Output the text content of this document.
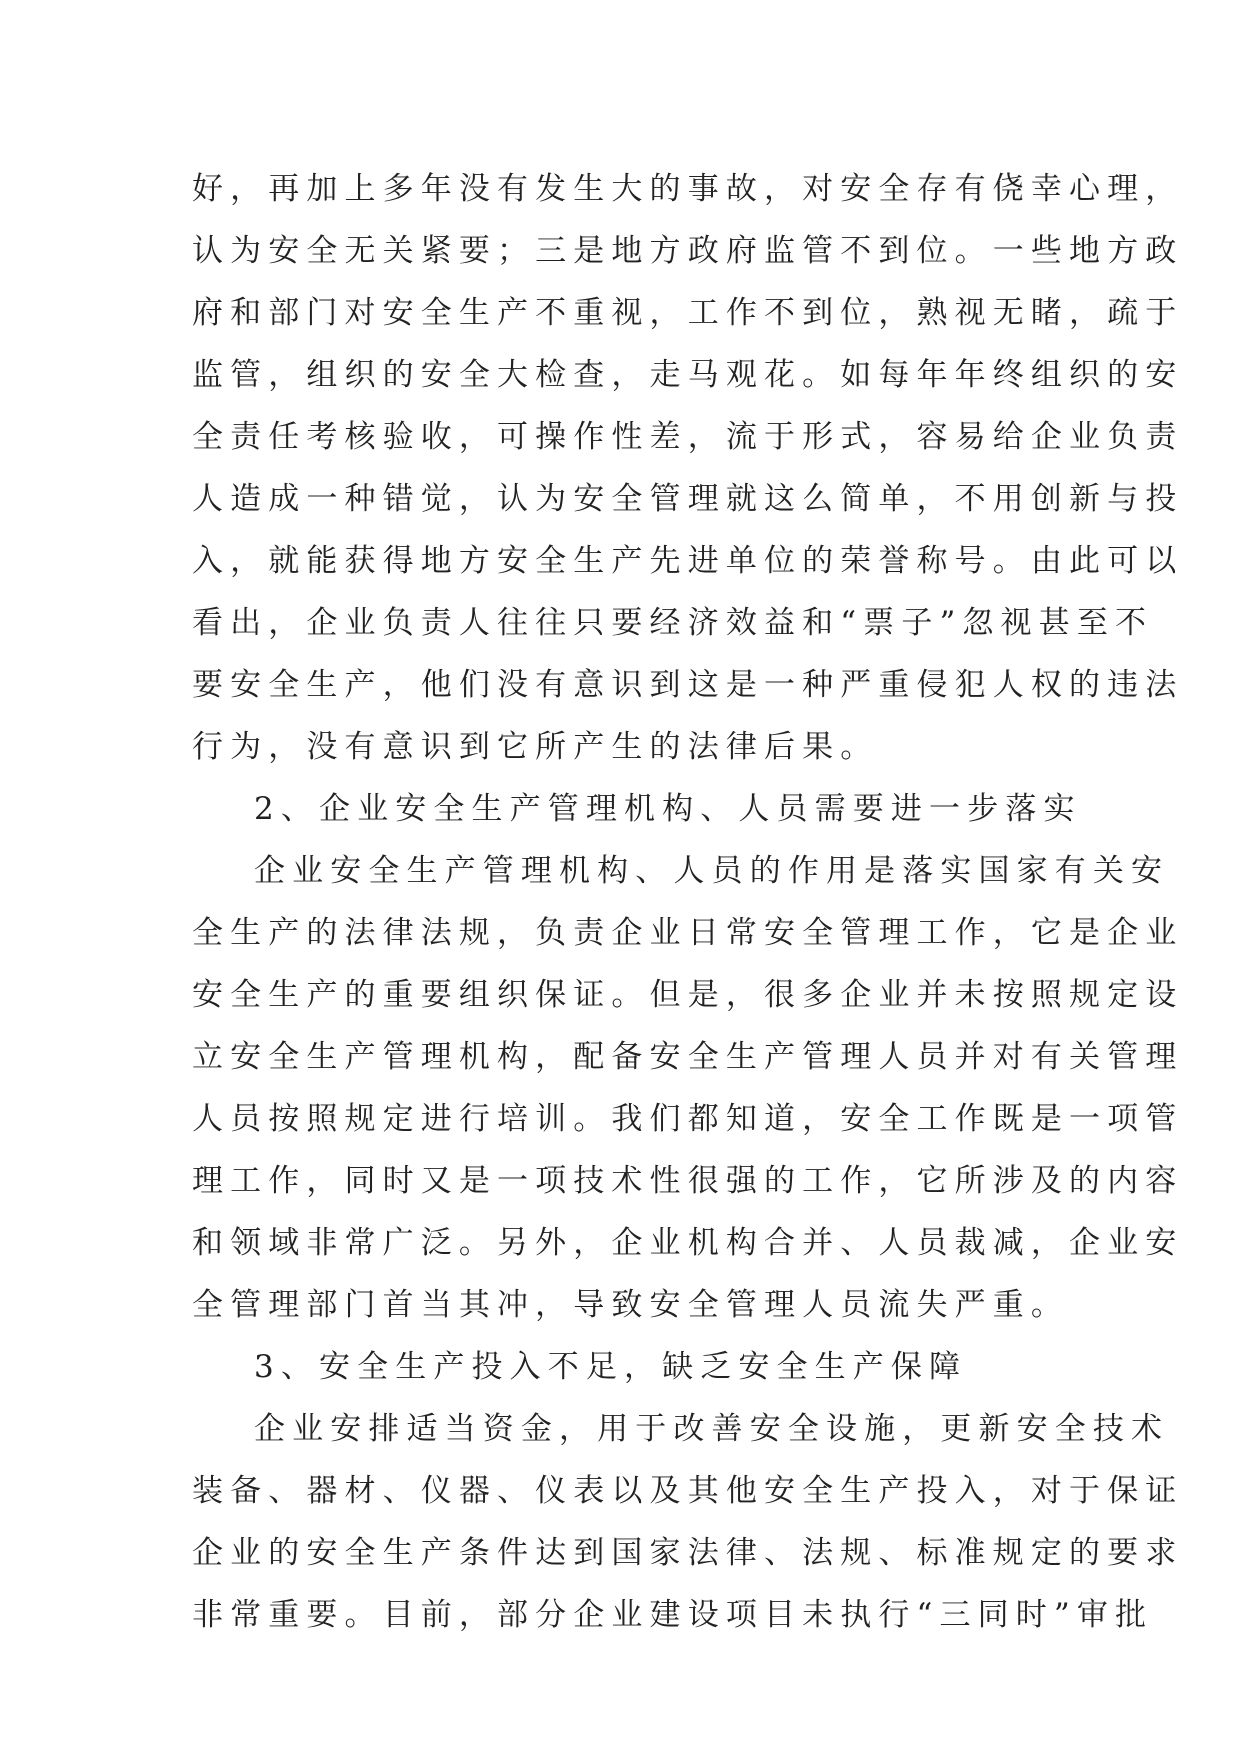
好，再加上多年没有发生大的事故，对安全存有侥幸心理，
认为安全无关紧要；三是地方政府监管不到位。一些地方政
府和部门对安全生产不重视，工作不到位，熟视无睹，疏于
监管，组织的安全大检查，走马观花。如每年年终组织的安
全责任考核验收，可操作性差，流于形式，容易给企业负责
人造成一种错觉，认为安全管理就这么简单，不用创新与投
入，就能获得地方安全生产先进单位的荣誉称号。由此可以
看出，企业负责人往往只要经济效益和“票子”忽视甚至不
要安全生产，他们没有意识到这是一种严重侵犯人权的违法
行为，没有意识到它所产生的法律后果。
2、企业安全生产管理机构、人员需要进一步落实
企业安全生产管理机构、人员的作用是落实国家有关安
全生产的法律法规，负责企业日常安全管理工作，它是企业
安全生产的重要组织保证。但是，很多企业并未按照规定设
立安全生产管理机构，配备安全生产管理人员并对有关管理
人员按照规定进行培训。我们都知道，安全工作既是一项管
理工作，同时又是一项技术性很强的工作，它所涉及的内容
和领域非常广泛。另外，企业机构合并、人员裁减，企业安
全管理部门首当其冲，导致安全管理人员流失严重。
3、安全生产投入不足，缺乏安全生产保障
企业安排适当资金，用于改善安全设施，更新安全技术
装备、器材、仪器、仪表以及其他安全生产投入，对于保证
企业的安全生产条件达到国家法律、法规、标准规定的要求
非常重要。目前，部分企业建设项目未执行“三同时”审批
